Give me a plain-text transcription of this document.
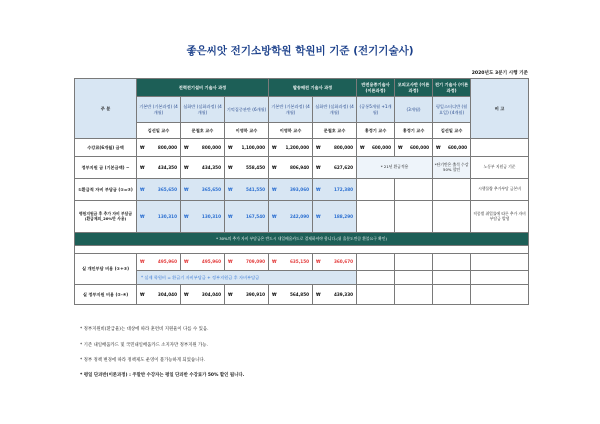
좋은씨앗 전기소방학원 학원비 기준 (전기기술사)
2020년도 3분기 시행 기준
주 분	전력전기설비 기술사 과정			발송배전 기술사 과정		반전용종기술사 (이론과정)	모의고사반 (이론과정)	전기 기술사 (이론과정)	비 고
	기본반 (기본과정) (4개월)	심화반 (실화과정) (4개월)	기억집중관반 (6개월)	기본반 (기본과정) (4개월)	심화반 (실화과정) (4개월)	(공통5개월 +1개월)	(3개월)	평일스터디반 (월요일) (4개월)	
	김선일 교수	문철호 교수	이영하 교수	이영하 교수	문철호 교수	홍정기 교수	홍정기 교수	김선일 교수	
수강료(6개월) 금액	₩ 800,000	₩ 800,000	₩ 1,100,000	₩ 1,200,000	₩ 800,000	₩ 600,000	₩ 600,000	₩ 600,000	

정부지원 금 (기본금액) ~	₩ 434,350	₩ 434,350	₩ 558,450	₩ 806,940	₩ 627,620	* 21년 환급적용		*단기반은 출석 수강 50% 할인	노동부 지원금 기준
①환급적 자비 부담금 (①=③)	₩ 365,650	₩ 365,650	₩ 541,550	₩ 393,060	₩ 172,380				시행물량 추가부담 금본비
평원지원금 후 추가 자비 부담금 (환급제외_20%만 사용)	₩ 130,310	₩ 130,310	₩ 167,540	₩ 242,090	₩ 188,290				직종별 취업률에 따른 추가 자비 부담금 발생
* 30%의 추가 자비 부담금은 반드시 내일배움카드로 결제하셔야 합니다.(위 울분도만큼 환불요구 확인)									

실 개인부담 비용 (①+③)	₩ 495,960	₩ 495,960	₩ 709,090	₩ 635,150	₩ 360,670				

	* 실제 학원비 = 환급기 자비부담금 + 정부지원금 후 자비부담금								
실 정부지원 비용 (②-④)	₩ 304,040	₩ 304,040	₩ 390,910	₩ 564,850	₩ 439,330				

* 정부지원비(환급율)는 대상에 따라 훈련비 지원율이 다를 수 있음.
* 기존 내일배움카드 및 국민내일배움카드 소지자만 정부지원 가능.
* 정부 정책 변경에 따라 정책제도 운영이 불가능하게 되었습니다.
* 평일 단과반(이론과정) : 주말반 수강자는 평일 단과반 수강료가 50% 할인 됩니다.
